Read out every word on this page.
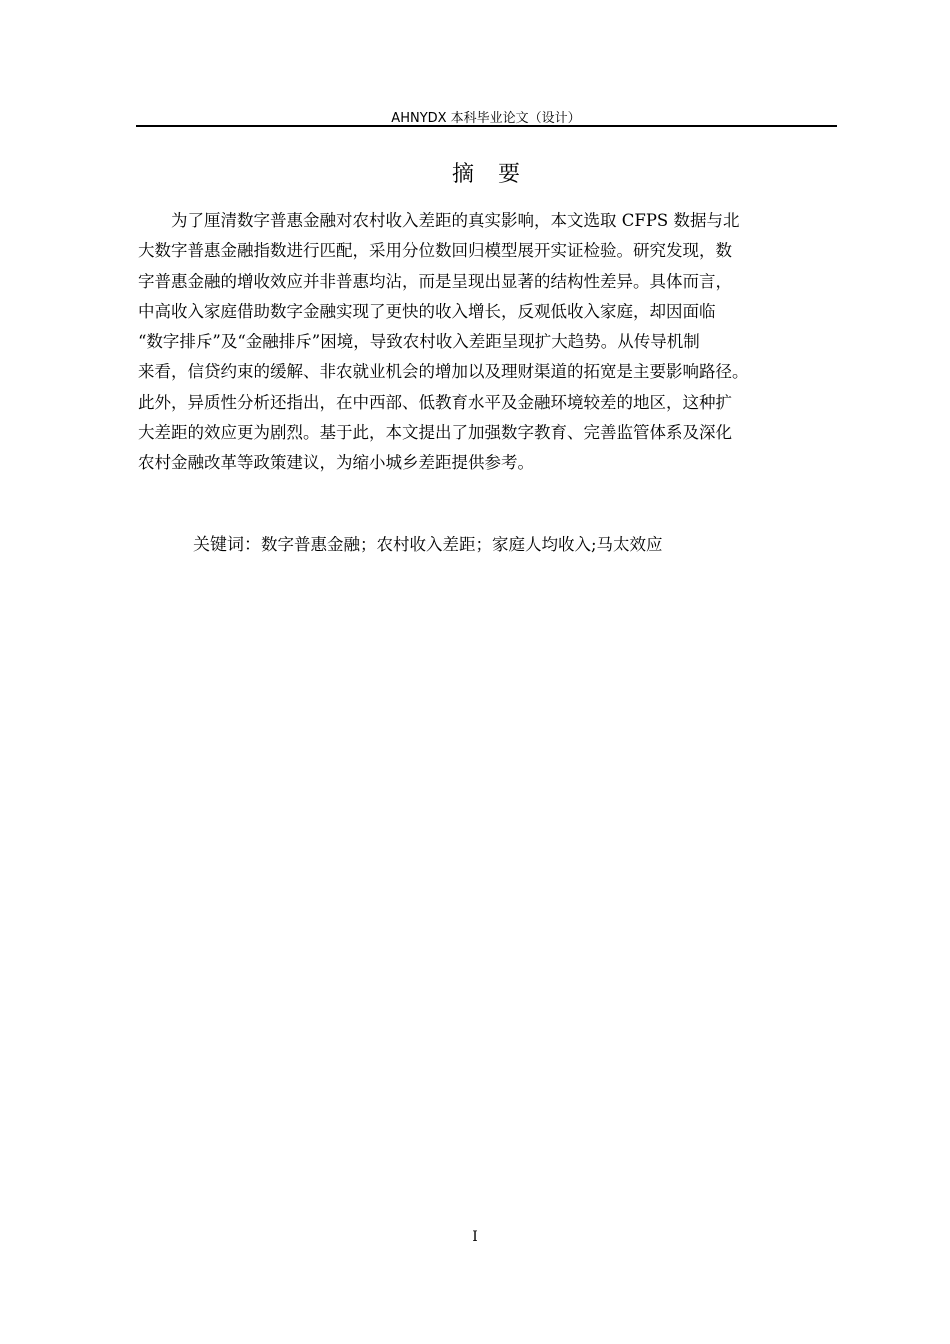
AHNYDX 本科毕业论文（设计）
摘要
　　为了厘清数字普惠金融对农村收入差距的真实影响，本文选取 CFPS 数据与北
大数字普惠金融指数进行匹配，采用分位数回归模型展开实证检验。研究发现，数
字普惠金融的增收效应并非普惠均沾，而是呈现出显著的结构性差异。具体而言，
中高收入家庭借助数字金融实现了更快的收入增长，反观低收入家庭，却因面临
“数字排斥”及“金融排斥”困境，导致农村收入差距呈现扩大趋势。从传导机制
来看，信贷约束的缓解、非农就业机会的增加以及理财渠道的拓宽是主要影响路径。
此外，异质性分析还指出，在中西部、低教育水平及金融环境较差的地区，这种扩
大差距的效应更为剧烈。基于此，本文提出了加强数字教育、完善监管体系及深化
农村金融改革等政策建议，为缩小城乡差距提供参考。
关键词：数字普惠金融；农村收入差距；家庭人均收入;马太效应
I
